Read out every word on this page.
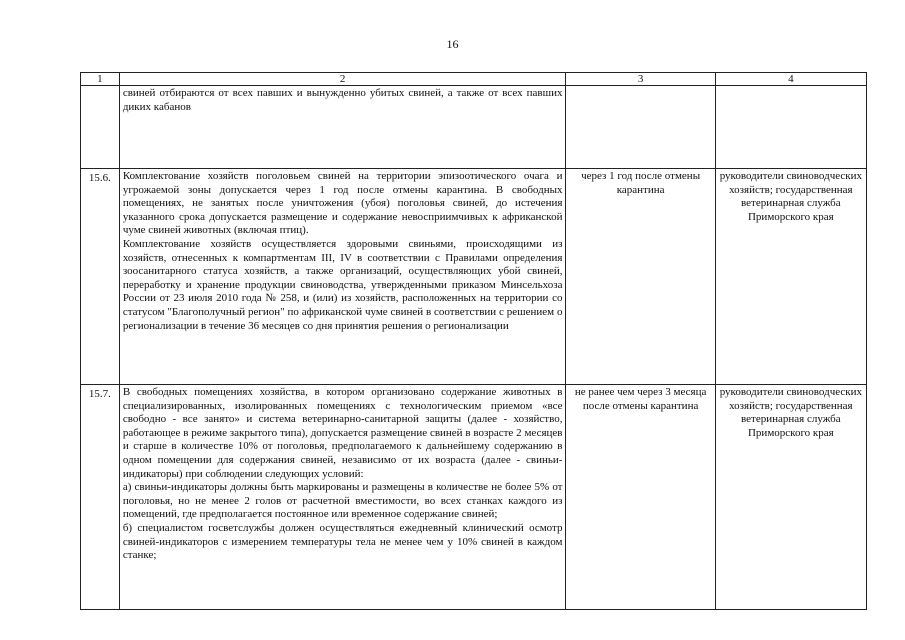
16
1	2	3	4

	свиней отбираются от всех павших и вынужденно убитых свиней, а также от всех павших диких кабанов		

15.6.	Комплектование хозяйств поголовьем свиней на территории эпизоотического очага и угрожаемой зоны допускается через 1 год после отмены карантина. В свободных помещениях, не занятых после уничтожения (убоя) поголовья свиней, до истечения указанного срока допускается размещение и содержание невосприимчивых к африканской чуме свиней животных (включая птиц).
Комплектование хозяйств осуществляется здоровыми свиньями, происходящими из хозяйств, отнесенных к компартментам III, IV в соответствии с Правилами определения зоосанитарного статуса хозяйств, а также организаций, осуществляющих убой свиней, переработку и хранение продукции свиноводства, утвержденными приказом Минсельхоза России от 23 июля 2010 года № 258, и (или) из хозяйств, расположенных на территории со статусом "Благополучный регион" по африканской чуме свиней в соответствии с решением о регионализации в течение 36 месяцев со дня принятия решения о регионализации	через 1 год после отмены карантина	руководители свиноводческих хозяйств; государственная ветеринарная служба Приморского края
15.7.	В свободных помещениях хозяйства, в котором организовано содержание животных в специализированных, изолированных помещениях с технологическим приемом «все свободно - все занято» и система ветеринарно-санитарной защиты (далее - хозяйство, работающее в режиме закрытого типа), допускается размещение свиней в возрасте 2 месяцев и старше в количестве 10% от поголовья, предполагаемого к дальнейшему содержанию в одном помещении для содержания свиней, независимо от их возраста (далее - свиньи-индикаторы) при соблюдении следующих условий:
а) свиньи-индикаторы должны быть маркированы и размещены в количестве не более 5% от поголовья, но не менее 2 голов от расчетной вместимости, во всех станках каждого из помещений, где предполагается постоянное или временное содержание свиней;
б) специалистом госветслужбы должен осуществляться ежедневный клинический осмотр свиней-индикаторов с измерением температуры тела не менее чем у 10% свиней в каждом станке;	не ранее чем через 3 месяца после отмены карантина	руководители свиноводческих хозяйств; государственная ветеринарная служба Приморского края
